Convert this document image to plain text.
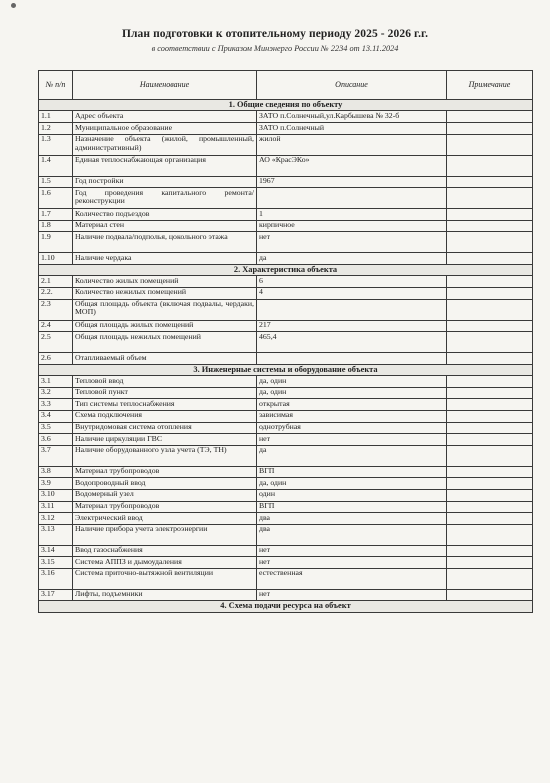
План подготовки к отопительному периоду 2025 - 2026 г.г.
в соответствии с Приказом Минэнерго России № 2234 от 13.11.2024
№ п/п	Наименование	Описание	Примечание
1. Общие сведения по объекту			
1.1	Адрес объекта	ЗАТО п.Солнечный,ул.Карбышева № 32-б	
1.2	Муниципальное образование	ЗАТО п.Солнечный	
1.3	Назначение объекта (жилой, промышленный, административный)	жилой	
1.4	Единая теплоснабжающая организация	АО «КрасЭКо»	
1.5	Год постройки	1967	
1.6	Год проведения капитального ремонта/реконструкции		
1.7	Количество подъездов	1	
1.8	Материал стен	кирпичное	
1.9	Наличие подвала/подполья, цокольного этажа	нет	
1.10	Наличие чердака	да	
2. Характеристика объекта			
2.1	Количество жилых помещений	6	
2.2.	Количество нежилых помещений	4	
2.3	Общая площадь объекта (включая подвалы, чердаки, МОП)		
2.4	Общая площадь жилых помещений	217	
2.5	Общая площадь нежилых помещений	465,4	
2.6	Отапливаемый объем		
3. Инженерные системы и оборудование объекта			
3.1	Тепловой ввод	да, один	
3.2	Тепловой пункт	да, один	
3.3	Тип системы теплоснабжения	открытая	
3.4	Схема подключения	зависимая	
3.5	Внутридомовая система отопления	однотрубная	
3.6	Наличие циркуляции ГВС	нет	
3.7	Наличие оборудованного узла учета (ТЭ, ТН)	да	
3.8	Материал трубопроводов	ВГП	
3.9	Водопроводный ввод	да, один	
3.10	Водомерный узел	один	
3.11	Материал трубопроводов	ВГП	
3.12	Электрический ввод	два	
3.13	Наличие прибора учета электроэнергии	два	
3.14	Ввод газоснабжения	нет	
3.15	Система АППЗ и дымоудаления	нет	
3.16	Система приточно-вытяжной вентиляции	естественная	
3.17	Лифты, подъемники	нет	
4. Схема подачи ресурса на объект			
